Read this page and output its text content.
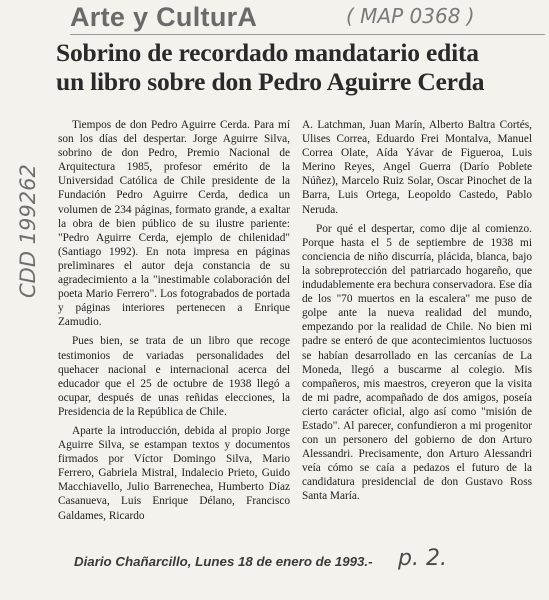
Arte y CulturA	( MAP 0368 )
Sobrino de recordado mandatario edita
un libro sobre don Pedro Aguirre Cerda
CDD 199262

Tiempos de don Pedro Aguirre Cerda. Para mí son los días del despertar. Jorge Aguirre Silva, sobrino de don Pedro, Premio Nacional de Arquitectura 1985, profesor emérito de la Universidad Católica de Chile presidente de la Fundación Pedro Aguirre Cerda, dedica un volumen de 234 páginas, formato grande, a exaltar la obra de bien público de su ilustre pariente: "Pedro Aguirre Cerda, ejemplo de chilenidad" (Santiago 1992). En nota impresa en páginas preliminares el autor deja constancia de su agradecimiento a la "inestimable colaboración del poeta Mario Ferrero". Los fotograbados de portada y páginas interiores pertenecen a Enrique Zamudio.

Pues bien, se trata de un libro que recoge testimonios de variadas personalidades del quehacer nacional e internacional acerca del educador que el 25 de octubre de 1938 llegó a ocupar, después de unas reñidas elecciones, la Presidencia de la República de Chile.

Aparte la introducción, debida al propio Jorge Aguirre Silva, se estampan textos y documentos firmados por Víctor Domingo Silva, Mario Ferrero, Gabriela Mistral, Indalecio Prieto, Guido Macchiavello, Julio Barrenechea, Humberto Díaz Casanueva, Luis Enrique Délano, Francisco Galdames, Ricardo

A. Latchman, Juan Marín, Alberto Baltra Cortés, Ulises Correa, Eduardo Frei Montalva, Manuel Correa Olate, Aída Yávar de Figueroa, Luis Merino Reyes, Angel Guerra (Darío Poblete Núñez), Marcelo Ruiz Solar, Oscar Pinochet de la Barra, Luis Ortega, Leopoldo Castedo, Pablo Neruda.

Por qué el despertar, como dije al comienzo. Porque hasta el 5 de septiembre de 1938 mi conciencia de niño discurría, plácida, blanca, bajo la sobreprotección del patriarcado hogareño, que indudablemente era bechura conservadora. Ese día de los "70 muertos en la escalera" me puso de golpe ante la nueva realidad del mundo, empezando por la realidad de Chile. No bien mi padre se enteró de que acontecimientos luctuosos se habían desarrollado en las cercanías de La Moneda, llegó a buscarme al colegio. Mis compañeros, mis maestros, creyeron que la visita de mi padre, acompañado de dos amigos, poseía cierto carácter oficial, algo así como "misión de Estado". Al parecer, confundieron a mi progenitor con un personero del gobierno de don Arturo Alessandri. Precisamente, don Arturo Alessandri veía cómo se caía a pedazos el futuro de la candidatura presidencial de don Gustavo Ross Santa María.

Diario Chañarcillo, Lunes 18 de enero de 1993.- p. 2.
